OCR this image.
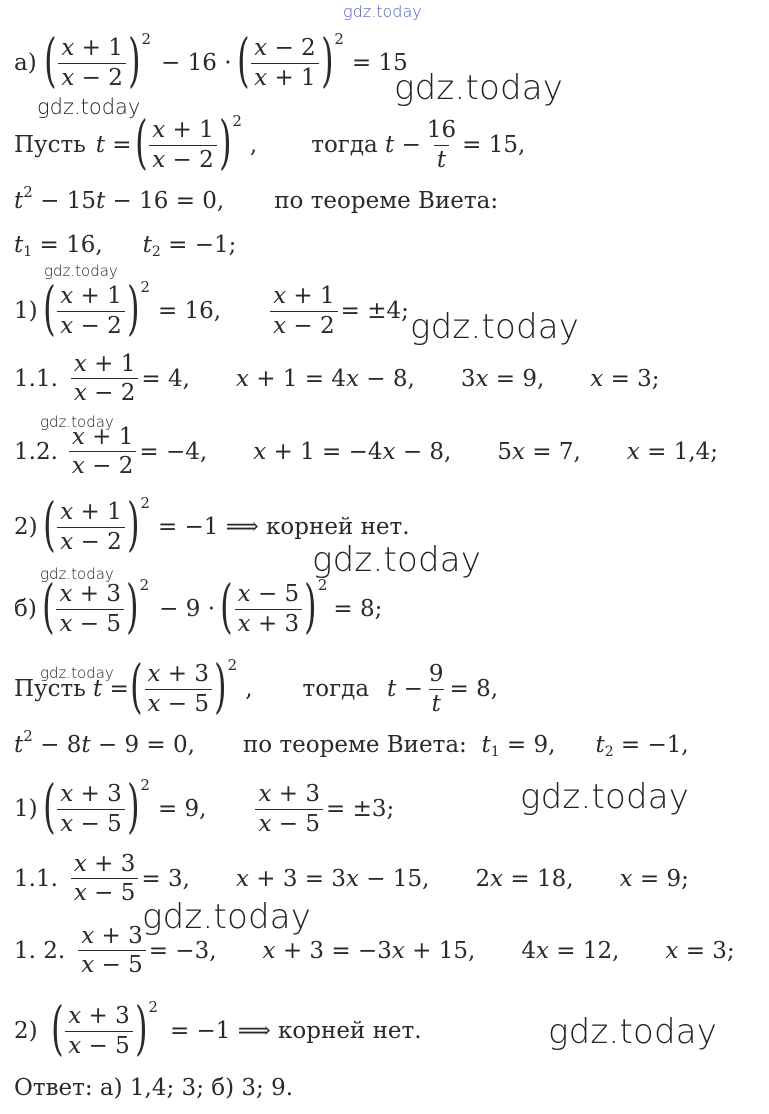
gdz.today
gdz.today
gdz.today
gdz.today
gdz.today
gdz.today
gdz.today
gdz.today
gdz.today
gdz.today
gdz.today
gdz.today
а) ( $\frac{x + 1}{x - 2}$ ) 2
− 16 · ( $\frac{x - 2}{x + 1}$ ) 2
= 15
Пусть t = ( $\frac{x + 1}{x - 2}$ ) 2
, тогда
$t - \frac{16}{t} = 15$,
t 2 − 15 t − 16 = 0, по теореме Виета:
t 1 = 16, t 2 = −1;
1) ( $\frac{x + 1}{x - 2}$ ) 2
= 16, $\frac{x + 1}{x - 2} = \pm 4$;
1.1. $\frac{x + 1}{x - 2} = 4$, x + 1 = 4 x − 8, 3 x = 9, x = 3;
1.2. $\frac{x + 1}{x - 2} = -4$, x + 1 = −4 x − 8, 5 x = 7, x = 1,4;
2) ( $\frac{x + 1}{x - 2}$ ) 2
= −1 ⟹ корней нет.
б) ( $\frac{x + 3}{x - 5}$ ) 2
− 9 · ( $\frac{x - 5}{x + 3}$ ) 2
= 8;
Пусть
t = ( $\frac{x + 3}{x - 5}$ ) 2
, тогда $t - \frac{9}{t} = 8$,
t 2 − 8 t − 9 = 0, по теореме Виета:
t 1 = 9, t 2 = −1,
1) ( $\frac{x + 3}{x - 5}$ ) 2
= 9, $\frac{x + 3}{x - 5} = \pm 3$;
1.1. $\frac{x + 3}{x - 5} = 3$, x + 3 = 3 x − 15, 2 x = 18, x = 9;
1. 2. $\frac{x + 3}{x - 5} = -3$, x + 3 = −3 x + 15, 4 x = 12, x = 3;
2) ( $\frac{x + 3}{x - 5}$ ) 2
= −1 ⟹ корней нет.
Ответ: а) 1,4; 3; б) 3; 9.
